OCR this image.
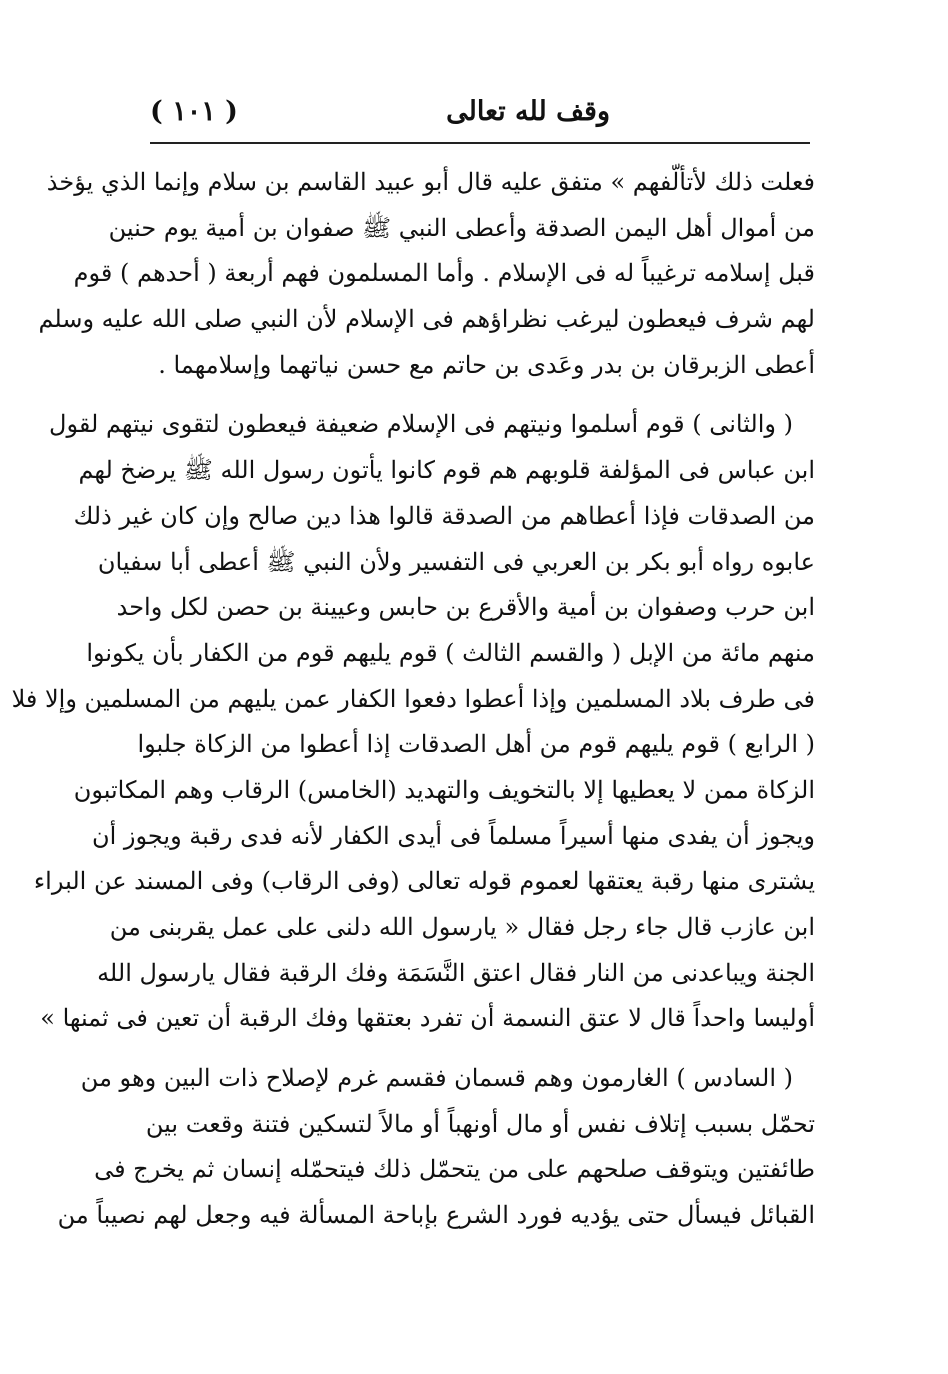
وقف لله تعالى
( ١٠١ )
فعلت ذلك لأتألّفهم » متفق عليه قال أبو عبيد القاسم بن سلام وإنما الذي يؤخذ
من أموال أهل اليمن الصدقة وأعطى النبي ﷺ صفوان بن أمية يوم حنين
قبل إسلامه ترغيباً له فى الإسلام . وأما المسلمون فهم أربعة ( أحدهم ) قوم
لهم شرف فيعطون ليرغب نظراؤهم فى الإسلام لأن النبي صلى الله عليه وسلم
أعطى الزبرقان بن بدر وعَدى بن حاتم مع حسن نياتهما وإسلامهما .
( والثانى ) قوم أسلموا ونيتهم فى الإسلام ضعيفة فيعطون لتقوى نيتهم لقول
ابن عباس فى المؤلفة قلوبهم هم قوم كانوا يأتون رسول الله ﷺ يرضخ لهم
من الصدقات فإذا أعطاهم من الصدقة قالوا هذا دين صالح وإن كان غير ذلك
عابوه رواه أبو بكر بن العربي فى التفسير ولأن النبي ﷺ أعطى أبا سفيان
ابن حرب وصفوان بن أمية والأقرع بن حابس وعيينة بن حصن لكل واحد
منهم مائة من الإبل ( والقسم الثالث ) قوم يليهم قوم من الكفار بأن يكونوا
فى طرف بلاد المسلمين وإذا أعطوا دفعوا الكفار عمن يليهم من المسلمين وإلا فلا
( الرابع ) قوم يليهم قوم من أهل الصدقات إذا أعطوا من الزكاة جلبوا
الزكاة ممن لا يعطيها إلا بالتخويف والتهديد (الخامس) الرقاب وهم المكاتبون
ويجوز أن يفدى منها أسيراً مسلماً فى أيدى الكفار لأنه فدى رقبة ويجوز أن
يشترى منها رقبة يعتقها لعموم قوله تعالى (وفى الرقاب) وفى المسند عن البراء
ابن عازب قال جاء رجل فقال « يارسول الله دلنى على عمل يقربنى من
الجنة ويباعدنى من النار فقال اعتق النَّسَمَة وفك الرقبة فقال يارسول الله
أوليسا واحداً قال لا عتق النسمة أن تفرد بعتقها وفك الرقبة أن تعين فى ثمنها »
( السادس ) الغارمون وهم قسمان فقسم غرم لإصلاح ذات البين وهو من
تحمّل بسبب إتلاف نفس أو مال أونهباً أو مالاً لتسكين فتنة وقعت بين
طائفتين ويتوقف صلحهم على من يتحمّل ذلك فيتحمّله إنسان ثم يخرج فى
القبائل فيسأل حتى يؤديه فورد الشرع بإباحة المسألة فيه وجعل لهم نصيباً من
